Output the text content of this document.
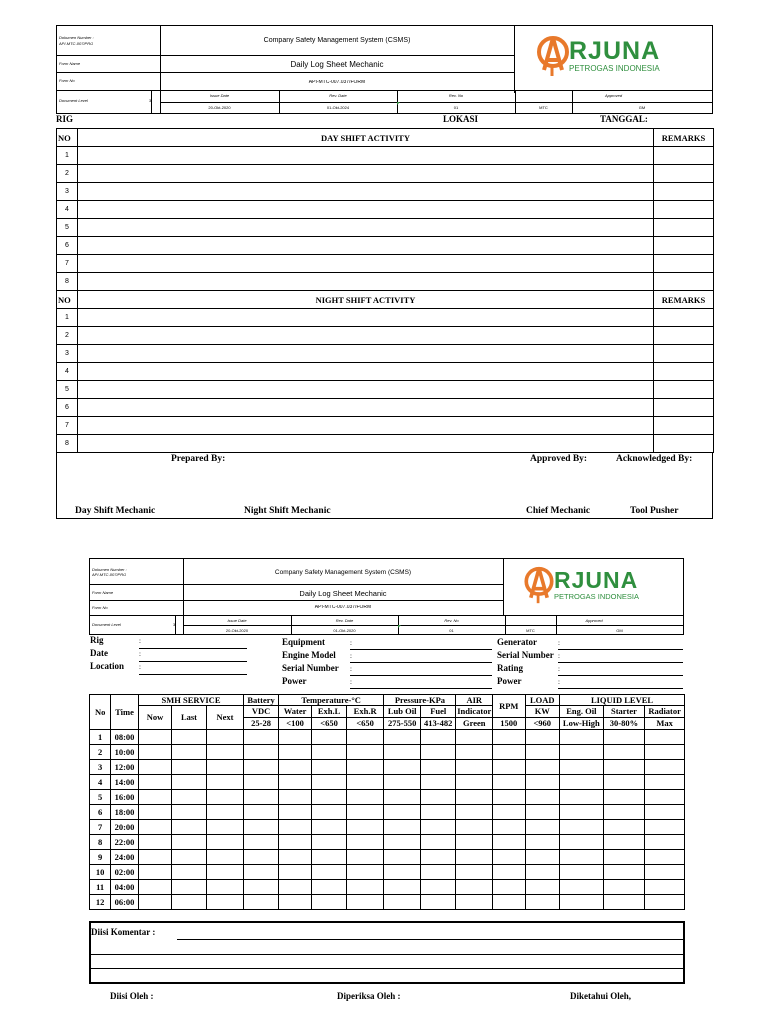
Dokumen Number :
API-MTC-007/PRO
Form Name
Form No
Document Level	3
Company Safety Management System (CSMS)
Daily Log Sheet Mechanic
API-MTC-007.037/FORM
Issue Date	Rev. Date	Rev. No	Approved
20-Okt-2020	01-Okt-2024	01	MTC	GM
RJUNA
PETROGAS INDONESIA
RIG	LOKASI	TANGGAL:
NO	DAY SHIFT ACTIVITY	REMARKS
1		
2		
3		
4		
5		
6		
7		
8		
NO	NIGHT SHIFT ACTIVITY	REMARKS
1		
2		
3		
4		
5		
6		
7		
8		
Prepared By:	Approved By:	Acknowledged By:
Day Shift Mechanic	Night Shift Mechanic	Chief Mechanic	Tool Pusher
Dokumen Number :
API-MTC-007/PRO
Form Name
Form No
Document Level	3
Company Safety Management System (CSMS)
Daily Log Sheet Mechanic
API-MTC-007.037/FORM
Issue Date	Rev. Date	Rev. No	Approved
20-Okt-2020	01-Okt-2020	01	MTC	GM
RJUNA
PETROGAS INDONESIA
Rig	:
Date	:
Location :
Equipment	:
Engine Model :
Serial Number :
Power	:
Generator	:
Serial Number :
Rating	:
Power	:
No	Time	SMH SERVICE			Battery	Temperature-°C			Pressure-KPa		AIR	RPM	LOAD	LIQUID LEVEL		
		Now	Last	Next	VDC	Water	Exh.L	Exh.R	Lub Oil	Fuel	Indicator		KW	Eng. Oil	Starter	Radiator
					25-28	<100	<650	<650	275-550	413-482	Green	1500	<960	Low-High	30-80%	Max
1	08:00															
2	10:00															
3	12:00															
4	14:00															
5	16:00															
6	18:00															
7	20:00															
8	22:00															
9	24:00															
10	02:00															
11	04:00															
12	06:00															
Diisi Komentar :
Diisi Oleh :	Diperiksa Oleh :	Diketahui Oleh,
